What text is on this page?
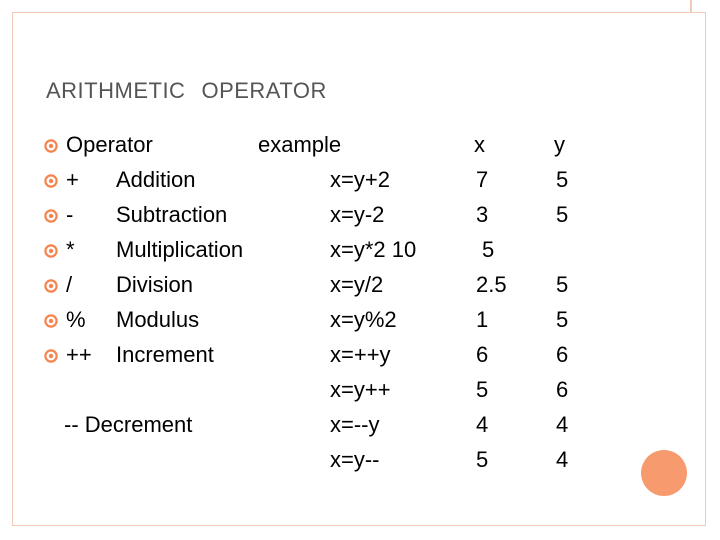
ARITHMETIC OPERATOR
Operator	example	x	y
+ Addition	x=y+2	7	5
- Subtraction	x=y-2	3	5
* Multiplication	x=y*2 10	5
/ Division	x=y/2	2.5 5
% Modulus	x=y%2	1	5
++ Increment	x=++y	6	6
x=y++	5	6
-- Decrement	x=--y	4	4
x=y--	5	4
